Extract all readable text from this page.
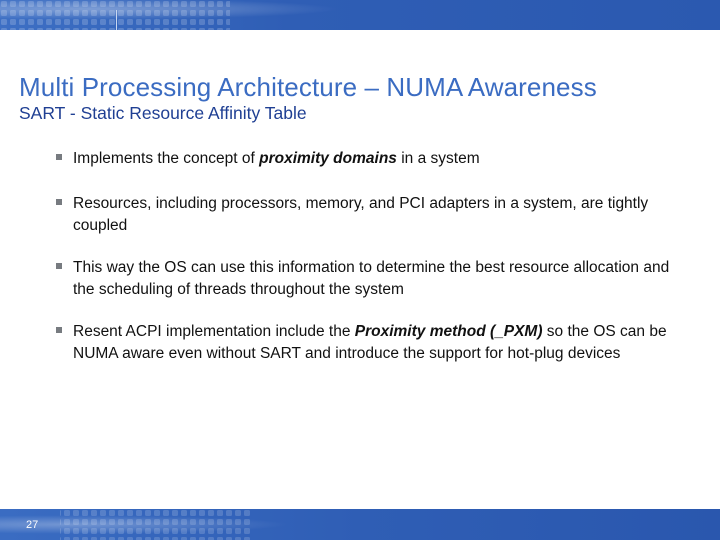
Multi Processing Architecture – NUMA Awareness
SART - Static Resource Affinity Table
Implements the concept of proximity domains in a system
Resources, including processors, memory, and PCI adapters in a system, are tightly coupled
This way the OS can use this information to determine the best resource allocation and the scheduling of threads throughout the system
Resent ACPI implementation include the Proximity method (_PXM) so the OS can be NUMA aware even without SART and introduce the support for hot-plug devices
27
